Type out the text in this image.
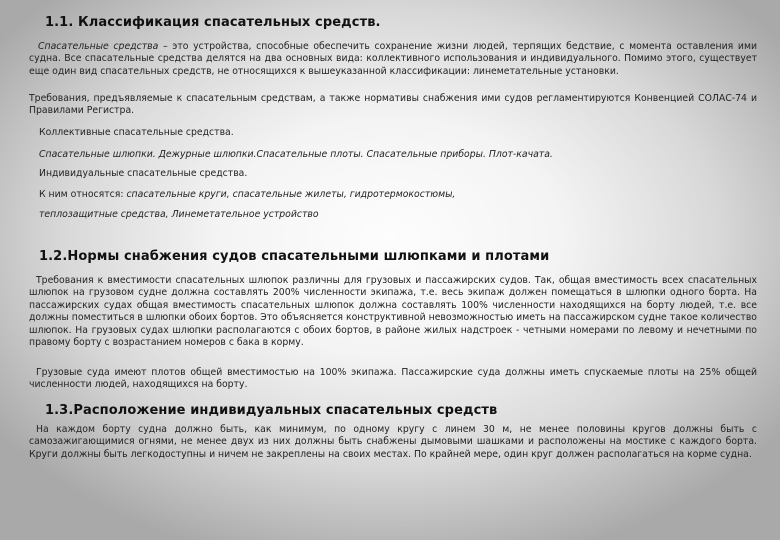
1.1. Классификация спасательных средств.

Спасательные средства – это устройства, способные обеспечить сохранение жизни людей, терпящих бедствие, с момента оставления ими судна. Все спасательные средства делятся на два основных вида: коллективного использования и индивидуального. Помимо этого, существует еще один вид спасательных средств, не относящихся к вышеуказанной классификации: линеметательные установки.

Требования, предъявляемые к спасательным средствам, а также нормативы снабжения ими судов регламентируются Конвенцией СОЛАС-74 и Правилами Регистра.

Коллективные спасательные средства.

Спасательные шлюпки. Дежурные шлюпки.Спасательные плоты. Спасательные приборы. Плот-качата.

Индивидуальные спасательные средства.

К ним относятся: спасательные круги, спасательные жилеты, гидротермокостюмы,

теплозащитные средства, Линеметательное устройство

1.2.Нормы снабжения судов спасательными шлюпками и плотами

Требования к вместимости спасательных шлюпок различны для грузовых и пассажирских судов. Так, общая вместимость всех спасательных шлюпок на грузовом судне должна составлять 200% численности экипажа, т.е. весь экипаж должен помещаться в шлюпки одного борта. На пассажирских судах общая вместимость спасательных шлюпок должна составлять 100% численности находящихся на борту людей, т.е. все должны поместиться в шлюпки обоих бортов. Это объясняется конструктивной невозможностью иметь на пассажирском судне такое количество шлюпок. На грузовых судах шлюпки располагаются с обоих бортов, в районе жилых надстроек - четными номерами по левому и нечетными по правому борту с возрастанием номеров с бака в корму.

Грузовые суда имеют плотов общей вместимостью на 100% экипажа. Пассажирские суда должны иметь спускаемые плоты на 25% общей численности людей, находящихся на борту.

1.3.Расположение индивидуальных спасательных средств

На каждом борту судна должно быть, как минимум, по одному кругу с линем 30 м, не менее половины кругов должны быть с самозажигающимися огнями, не менее двух из них должны быть снабжены дымовыми шашками и расположены на мостике с каждого борта. Круги должны быть легкодоступны и ничем не закреплены на своих местах. По крайней мере, один круг должен располагаться на корме судна.
